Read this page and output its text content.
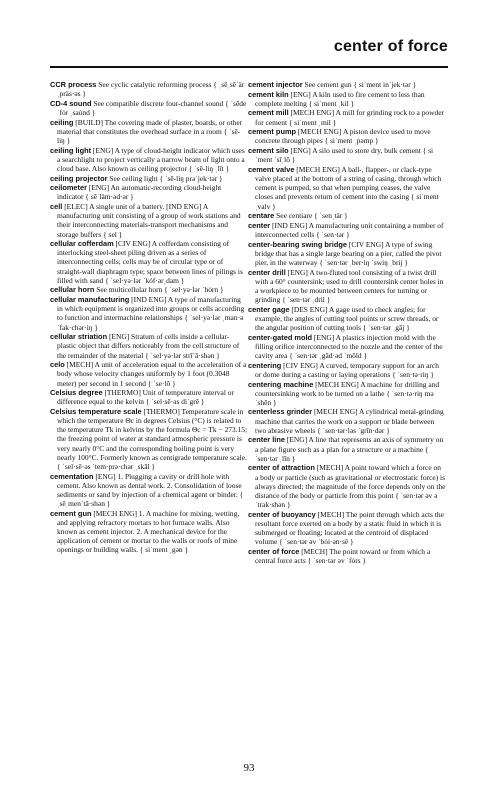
center of force

CCR process See cyclic catalytic reforming process { ˌsēˌsēˈär ˌpräs·əs }

CD-4 sound See compatible discrete four-channel sound { ˈsēde ˈfȯr ˌsau̇nd }

ceiling [BUILD] The covering made of plaster, boards, or other material that constitutes the overhead surface in a room { ˈsē-liŋ }

ceiling light [ENG] A type of cloud-height indicator which uses a searchlight to project vertically a narrow beam of light onto a cloud base. Also known as ceiling projector { ˈsē-liŋ ˌlīt }

ceiling projector See ceiling light { ˈsē-liŋ prəˈjek·tər }

ceilometer [ENG] An automatic-recording cloud-height indicator { sēˈläm·əd·ər }

cell [ELEC] A single unit of a battery. [IND ENG] A manufacturing unit consisting of a group of work stations and their interconnecting materials-transport mechanisms and storage buffers { sel }

cellular cofferdam [CIV ENG] A cofferdam consisting of interlocking steel-sheet piling driven as a series of interconnecting cells; cells may be of circular type or of straight-wall diaphragm type; space between lines of pilings is filled with sand { ˈsel·yə·lər ˈkóf·ərˌdam }

cellular horn See multicellular horn { ˈsel·yə·lər ˈhȯrn }

cellular manufacturing [IND ENG] A type of manufacturing in which equipment is organized into groups or cells according to function and intermachine relationships { ˈsel·yə·lər ˌman·əˈfak·chər·iŋ }

cellular striation [ENG] Stratum of cells inside a cellular-plastic object that differs noticeably from the cell structure of the remainder of the material { ˈsel·yə·lər strīˈā·shən }

celo [MECH] A unit of acceleration equal to the acceleration of a body whose velocity changes uniformly by 1 foot (0.3048 meter) per second in 1 second { ˈse·lō }

Celsius degree [THERMO] Unit of temperature interval or difference equal to the kelvin { ˈsel·sē·əs diˈgrē }

Celsius temperature scale [THERMO] Temperature scale in which the temperature Θc in degrees Celsius (°C) is related to the temperature Tk in kelvins by the formula Θc = Tk − 273.15; the freezing point of water at standard atmospheric pressure is very nearly 0°C and the corresponding boiling point is very nearly 100°C. Formerly known as centigrade temperature scale. { ˈsel·sē·əs ˈtem·prə·chər ˌskāl }

cementation [ENG] 1. Plugging a cavity or drill hole with cement. Also known as dental work. 2. Consolidation of loose sediments or sand by injection of a chemical agent or binder. { ˌsēˌmenˈtā·shən }

cement gun [MECH ENG] 1. A machine for mixing, wetting, and applying refractory mortars to hot furnace walls. Also known as cement injector. 2. A mechanical device for the application of cement or mortar to the walls or roofs of mine openings or building walls. { siˈment ˌgən }

cement injector See cement gun { siˈment inˈjek·tər }

cement kiln [ENG] A kiln used to fire cement to less than complete melting { siˈment ˌkil }

cement mill [MECH ENG] A mill for grinding rock to a powder for cement { siˈment ˌmil }

cement pump [MECH ENG] A piston device used to move concrete through pipes { siˈment ˌpəmp }

cement silo [ENG] A silo used to store dry, bulk cement { siˈment ˈsīˌlō }

cement valve [MECH ENG] A ball-, flapper-, or clack-type valve placed at the bottom of a string of casing, through which cement is pumped, so that when pumping ceases, the valve closes and prevents return of cement into the casing { siˈment ˌvalv }

centare See centiare { ˈsenˌtär }

center [IND ENG] A manufacturing unit containing a number of interconnected cells { ˈsen·tər }

center-bearing swing bridge [CIV ENG] A type of swing bridge that has a single large bearing on a pier, called the pivot pier, in the waterway { ˈsen·tər ˌber·iŋ ˈswiŋ ˌbrij }

center drill [ENG] A two-fluted tool consisting of a twist drill with a 60° countersink; used to drill countersink center holes in a workpiece to be mounted between centers for turning or grinding { ˈsen·tər ˌdril }

center gage [DES ENG] A gage used to check angles; for example, the angles of cutting tool points or screw threads, or the angular position of cutting tools { ˈsen·tər ˌgāj }

center-gated mold [ENG] A plastics injection mold with the filling orifice interconnected to the nozzle and the center of the cavity area { ˈsen·tər ˌgād·əd ˈmōld }

centering [CIV ENG] A curved, temporary support for an arch or dome during a casting or laying operations { ˈsen·tə·riŋ }

centering machine [MECH ENG] A machine for drilling and countersinking work to be turned on a lathe { ˈsen·tə·riŋ məˈshēn }

centerless grinder [MECH ENG] A cylindrical metal-grinding machine that carries the work on a support or blade between two abrasive wheels { ˈsen·tər·ləs ˈgrīn·dər }

center line [ENG] A line that represents an axis of symmetry on a plane figure such as a plan for a structure or a machine { ˈsen·tər ˌlīn }

center of attraction [MECH] A point toward which a force on a body or particle (such as gravitational or electrostatic force) is always directed; the magnitude of the force depends only on the distance of the body or particle from this point { ˈsen·tər əv əˈtrak·shən }

center of buoyancy [MECH] The point through which acts the resultant force exerted on a body by a static fluid in which it is submerged or floating; located at the centroid of displaced volume { ˈsen·tər əv ˈbȯi·ən·sē }

center of force [MECH] The point toward or from which a central force acts { ˈsen·tər əv ˈfȯrs }

93
